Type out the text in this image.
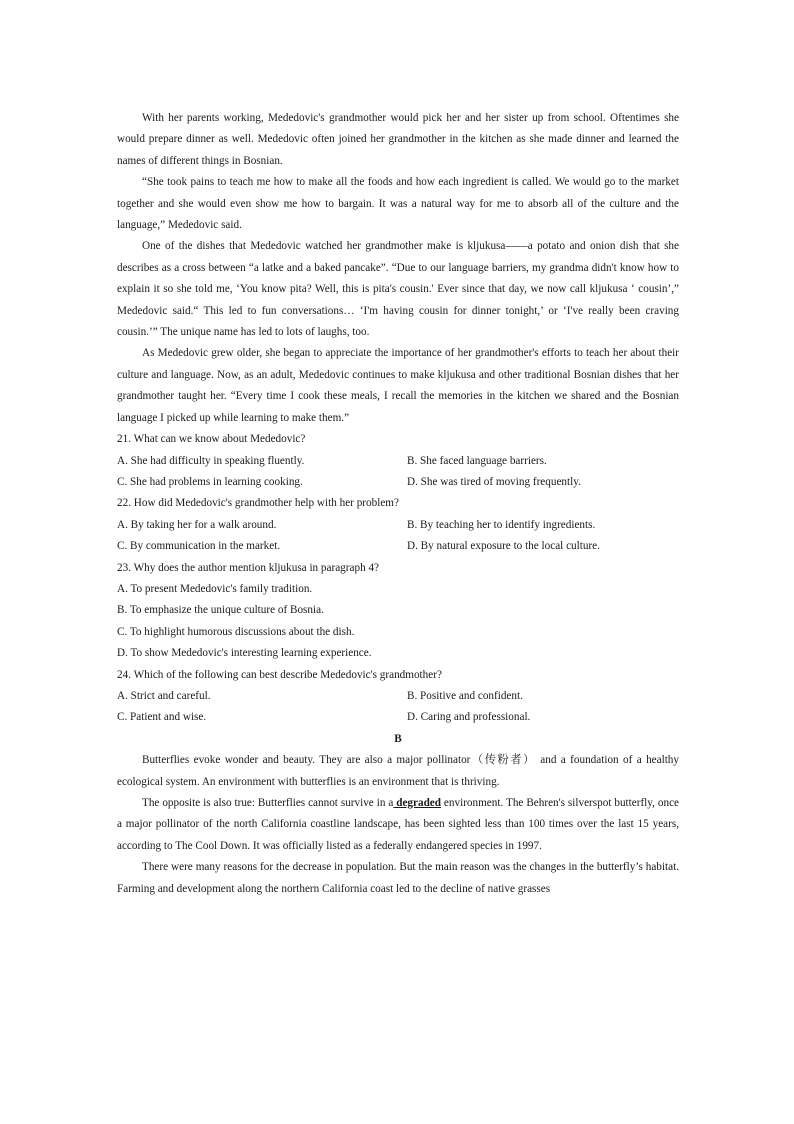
With her parents working, Mededovic's grandmother would pick her and her sister up from school. Oftentimes she would prepare dinner as well. Mededovic often joined her grandmother in the kitchen as she made dinner and learned the names of different things in Bosnian.

“She took pains to teach me how to make all the foods and how each ingredient is called. We would go to the market together and she would even show me how to bargain. It was a natural way for me to absorb all of the culture and the language,” Mededovic said.

One of the dishes that Mededovic watched her grandmother make is kljukusa——a potato and onion dish that she describes as a cross between “a latke and a baked pancake”. “Due to our language barriers, my grandma didn't know how to explain it so she told me, ‘You know pita? Well, this is pita's cousin.' Ever since that day, we now call kljukusa ‘ cousin’,” Mededovic said.“ This led to fun conversations… ‘I'm having cousin for dinner tonight,’ or ‘I've really been craving cousin.’” The unique name has led to lots of laughs, too.

As Mededovic grew older, she began to appreciate the importance of her grandmother's efforts to teach her about their culture and language. Now, as an adult, Mededovic continues to make kljukusa and other traditional Bosnian dishes that her grandmother taught her. “Every time I cook these meals, I recall the memories in the kitchen we shared and the Bosnian language I picked up while learning to make them.”

21. What can we know about Mededovic?

A. She had difficulty in speaking fluently.	B. She faced language barriers.
C. She had problems in learning cooking.	D. She was tired of moving frequently.

22. How did Mededovic's grandmother help with her problem?

A. By taking her for a walk around.	B. By teaching her to identify ingredients.
C. By communication in the market.	D. By natural exposure to the local culture.

23. Why does the author mention kljukusa in paragraph 4?

A. To present Mededovic's family tradition.

B. To emphasize the unique culture of Bosnia.

C. To highlight humorous discussions about the dish.

D. To show Mededovic's interesting learning experience.

24. Which of the following can best describe Mededovic's grandmother?

A. Strict and careful.	B. Positive and confident.
C. Patient and wise.	D. Caring and professional.

B

Butterflies evoke wonder and beauty. They are also a major pollinator（传粉者） and a foundation of a healthy ecological system. An environment with butterflies is an environment that is thriving.

The opposite is also true: Butterflies cannot survive in a degraded environment. The Behren's silverspot butterfly, once a major pollinator of the north California coastline landscape, has been sighted less than 100 times over the last 15 years, according to The Cool Down. It was officially listed as a federally endangered species in 1997.

There were many reasons for the decrease in population. But the main reason was the changes in the butterfly’s habitat. Farming and development along the northern California coast led to the decline of native grasses
